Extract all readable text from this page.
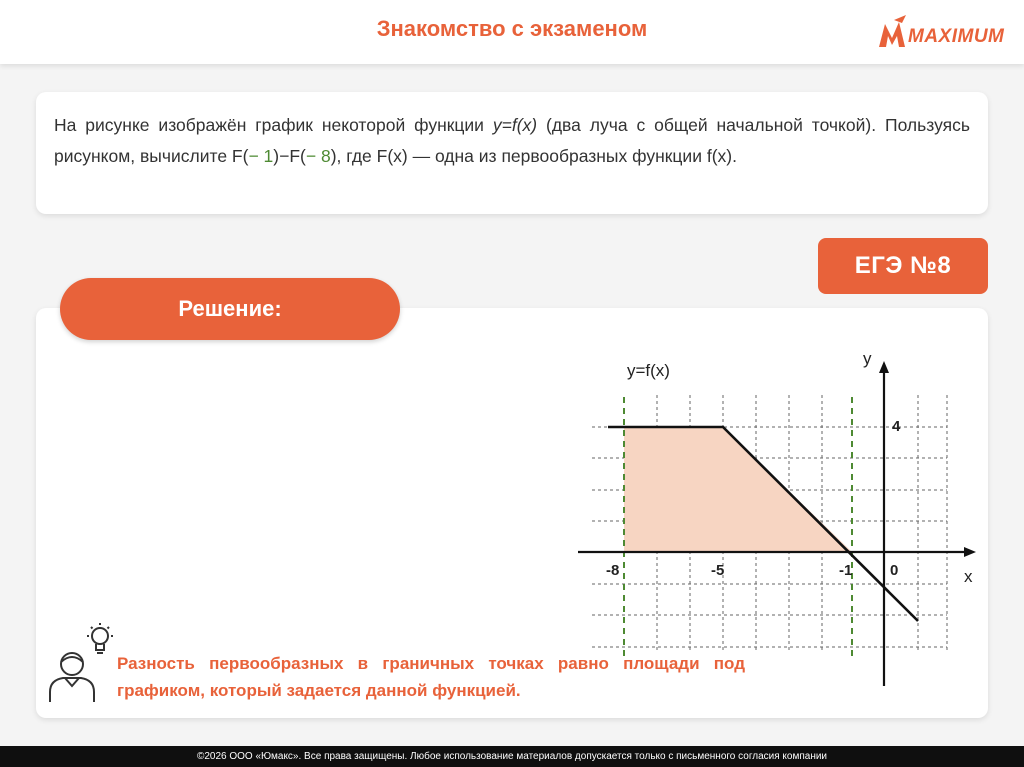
Знакомство с экзаменом	MAXIMUM
На рисунке изображён график некоторой функции y=f(x) (два луча с общей начальной точкой). Пользуясь рисунком, вычислите F(− 1)−F(− 8), где F(x) — одна из первообразных функции f(x).
ЕГЭ №8
Решение:
y=f(x)
y
x
4
-8	-5	-1	0
Разность первообразных в граничных точках равно площади под графиком, который задается данной функцией.
©2026 ООО «Юмакс». Все права защищены. Любое использование материалов допускается только с письменного согласия компании
